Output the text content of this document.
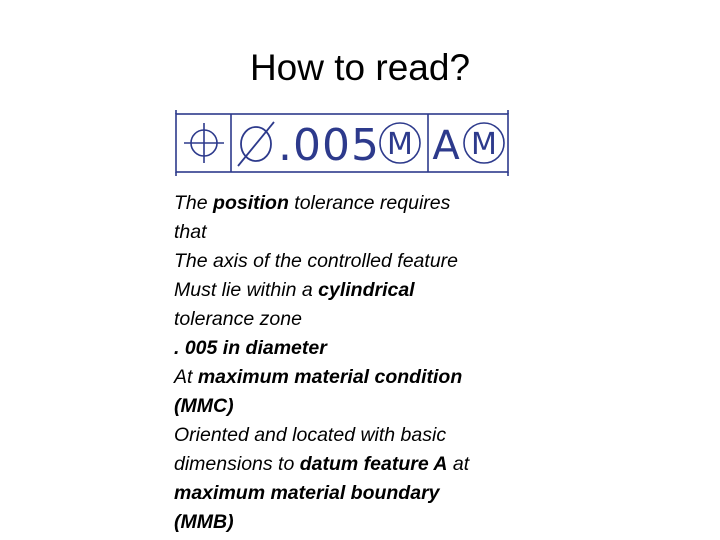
How to read?
.005 M A M
The position tolerance requires
that
The axis of the controlled feature
Must lie within a cylindrical
tolerance zone
. 005 in diameter
At maximum material condition
(MMC)
Oriented and located with basic
dimensions to datum feature A at
maximum material boundary
(MMB)
